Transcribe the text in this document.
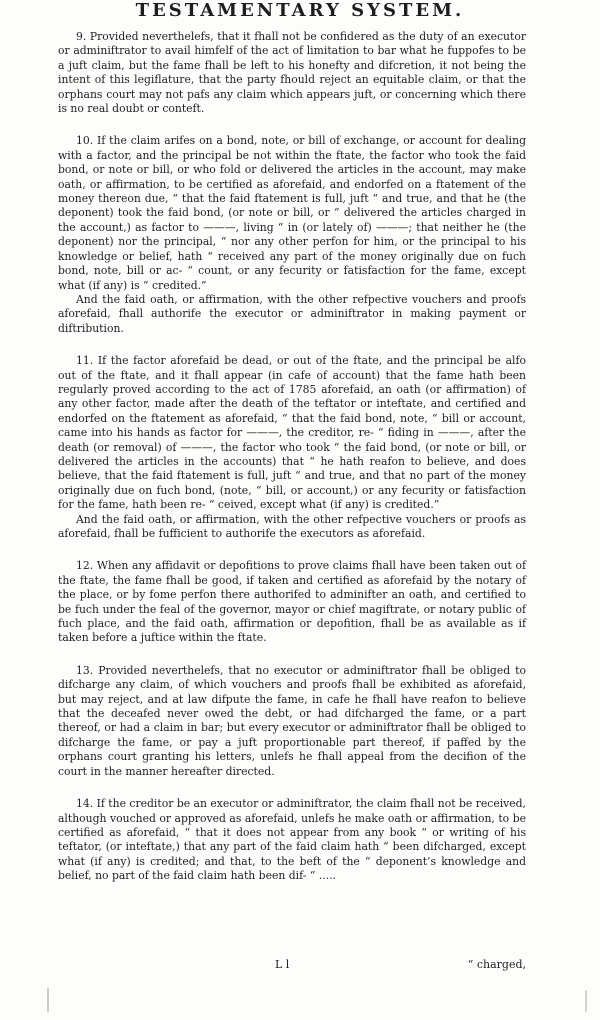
TESTAMENTARY SYSTEM.

9. Provided neverthelefs, that it fhall not be confidered as the duty of an executor or adminiftrator to avail himfelf of the act of limitation to bar what he fuppofes to be a juft claim, but the fame fhall be left to his honefty and difcretion, it not being the intent of this legiflature, that the party fhould reject an equitable claim, or that the orphans court may not pafs any claim which appears juft, or concerning which there is no real doubt or conteft.

10. If the claim arifes on a bond, note, or bill of exchange, or account for dealing with a factor, and the principal be not within the ftate, the factor who took the faid bond, or note or bill, or who fold or delivered the articles in the account, may make oath, or affirmation, to be certified as aforefaid, and endorfed on a ftatement of the money thereon due, “ that the faid ftatement is full, juft “ and true, and that he (the deponent) took the faid bond, (or note or bill, or “ delivered the articles charged in the account,) as factor to ———, living “ in (or lately of) ———; that neither he (the deponent) nor the principal, “ nor any other perfon for him, or the principal to his knowledge or belief, hath “ received any part of the money originally due on fuch bond, note, bill or ac- “ count, or any fecurity or fatisfaction for the fame, except what (if any) is “ credited.”

And the faid oath, or affirmation, with the other refpective vouchers and proofs aforefaid, fhall authorife the executor or adminiftrator in making payment or diftribution.

11. If the factor aforefaid be dead, or out of the ftate, and the principal be alfo out of the ftate, and it fhall appear (in cafe of account) that the fame hath been regularly proved according to the act of 1785 aforefaid, an oath (or affirmation) of any other factor, made after the death of the teftator or inteftate, and certified and endorfed on the ftatement as aforefaid, “ that the faid bond, note, “ bill or account, came into his hands as factor for ———, the creditor, re- “ fiding in ———, after the death (or removal) of ———, the factor who took “ the faid bond, (or note or bill, or delivered the articles in the accounts) that “ he hath reafon to believe, and does believe, that the faid ftatement is full, juft “ and true, and that no part of the money originally due on fuch bond, (note, “ bill, or account,) or any fecurity or fatisfaction for the fame, hath been re- “ ceived, except what (if any) is credited.”

And the faid oath, or affirmation, with the other refpective vouchers or proofs as aforefaid, fhall be fufficient to authorife the executors as aforefaid.

12. When any affidavit or depofitions to prove claims fhall have been taken out of the ftate, the fame fhall be good, if taken and certified as aforefaid by the notary of the place, or by fome perfon there authorifed to adminifter an oath, and certified to be fuch under the feal of the governor, mayor or chief magiftrate, or notary public of fuch place, and the faid oath, affirmation or depofition, fhall be as available as if taken before a juftice within the ftate.

13. Provided neverthelefs, that no executor or adminiftrator fhall be obliged to difcharge any claim, of which vouchers and proofs fhall be exhibited as aforefaid, but may reject, and at law difpute the fame, in cafe he fhall have reafon to believe that the deceafed never owed the debt, or had difcharged the fame, or a part thereof, or had a claim in bar; but every executor or adminiftrator fhall be obliged to difcharge the fame, or pay a juft proportionable part thereof, if paffed by the orphans court granting his letters, unlefs he fhall appeal from the decifion of the court in the manner hereafter directed.

14. If the creditor be an executor or adminiftrator, the claim fhall not be received, although vouched or approved as aforefaid, unlefs he make oath or affirmation, to be certified as aforefaid, “ that it does not appear from any book “ or writing of his teftator, (or inteftate,) that any part of the faid claim hath “ been difcharged, except what (if any) is credited; and that, to the beft of the “ deponent’s knowledge and belief, no part of the faid claim hath been dif- “ .....

L l	“ charged,
